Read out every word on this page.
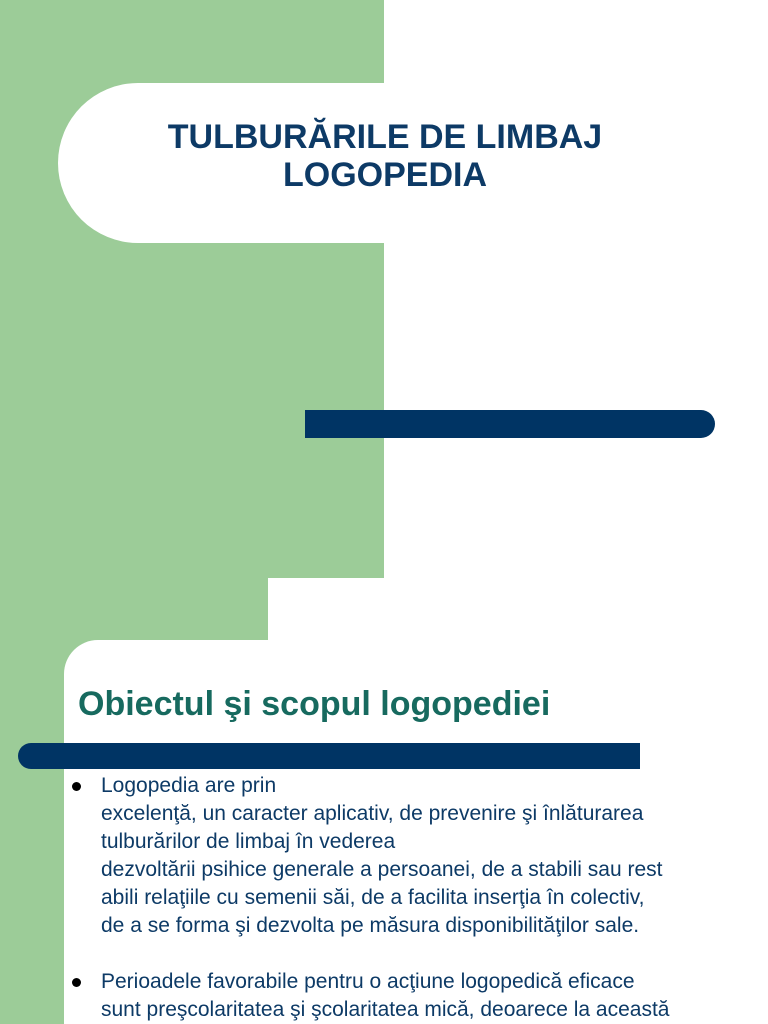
TULBURĂRILE DE LIMBAJ
LOGOPEDIA
Obiectul şi scopul logopediei
Logopedia are prin
excelenţă, un caracter aplicativ, de prevenire şi înlăturarea
tulburărilor de limbaj în vederea
dezvoltării psihice generale a persoanei, de a stabili sau rest
abili relaţiile cu semenii săi, de a facilita inserţia în colectiv,
de a se forma şi dezvolta pe măsura disponibilităţilor sale.
Perioadele favorabile pentru o acţiune logopedică eficace
sunt preşcolaritatea şi şcolaritatea mică, deoarece la această
